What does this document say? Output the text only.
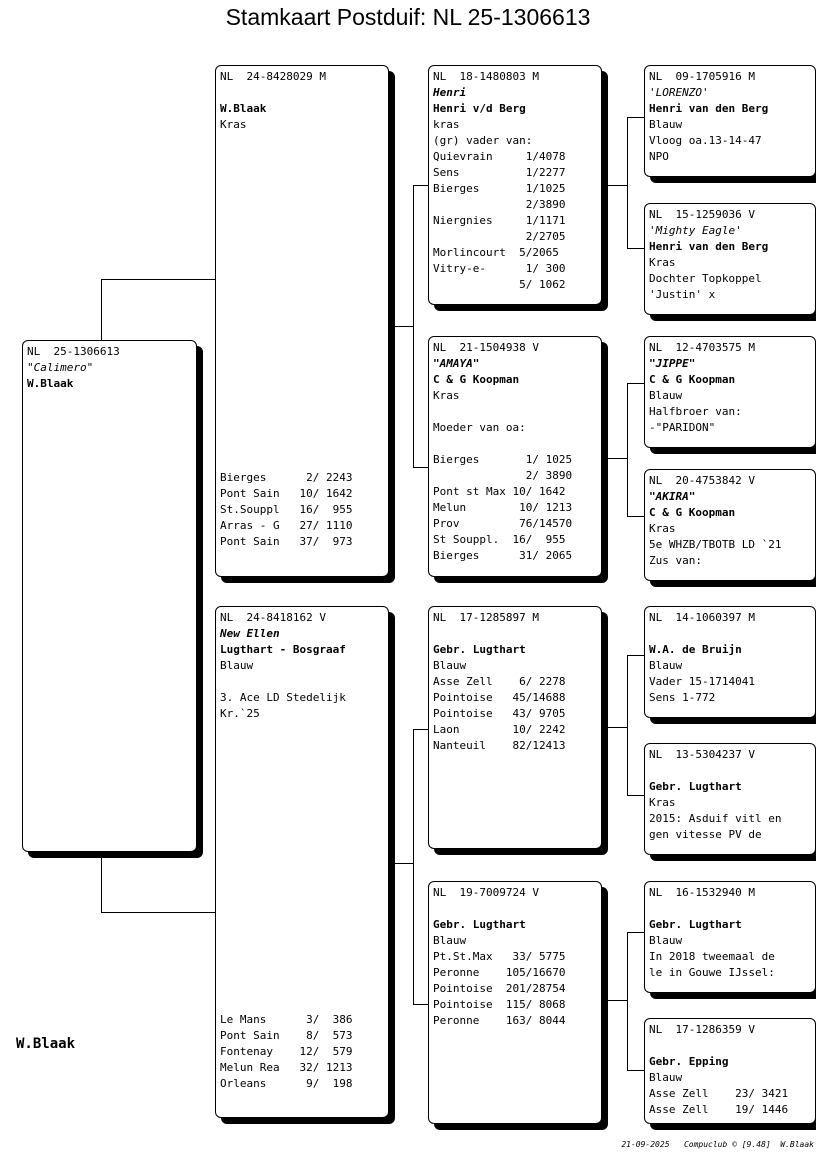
Stamkaart Postduif: NL 25-1306613
NL  25-1306613
"Calimero"
W.Blaak
NL  24-8428029 M
W.Blaak
Kras
Bierges      2/ 2243
Pont Sain   10/ 1642
St.Souppl   16/  955
Arras - G   27/ 1110
Pont Sain   37/  973
NL  24-8418162 V
New Ellen
Lugthart - Bosgraaf
Blauw
3. Ace LD Stedelijk
Kr.`25
Le Mans      3/  386
Pont Sain    8/  573
Fontenay    12/  579
Melun Rea   32/ 1213
Orleans      9/  198
NL  18-1480803 M
Henri
Henri v/d Berg
kras
(gr) vader van:
Quievrain     1/4078
Sens          1/2277
Bierges       1/1025
2/3890
Niergnies     1/1171
2/2705
Morlincourt  5/2065
Vitry-e-      1/ 300
5/ 1062
NL  21-1504938 V
"AMAYA"
C & G Koopman
Kras
Moeder van oa:
Bierges       1/ 1025
2/ 3890
Pont st Max 10/ 1642
Melun        10/ 1213
Prov         76/14570
St Souppl.  16/  955
Bierges      31/ 2065
NL  17-1285897 M
Gebr. Lugthart
Blauw
Asse Zell    6/ 2278
Pointoise   45/14688
Pointoise   43/ 9705
Laon        10/ 2242
Nanteuil    82/12413
NL  19-7009724 V
Gebr. Lugthart
Blauw
Pt.St.Max   33/ 5775
Peronne    105/16670
Pointoise  201/28754
Pointoise  115/ 8068
Peronne    163/ 8044
NL  09-1705916 M
'LORENZO'
Henri van den Berg
Blauw
Vloog oa.13-14-47
NPO
NL  15-1259036 V
'Mighty Eagle'
Henri van den Berg
Kras
Dochter Topkoppel
'Justin' x
NL  12-4703575 M
"JIPPE"
C & G Koopman
Blauw
Halfbroer van:
-"PARIDON"
NL  20-4753842 V
"AKIRA"
C & G Koopman
Kras
5e WHZB/TBOTB LD `21
Zus van:
NL  14-1060397 M
W.A. de Bruijn
Blauw
Vader 15-1714041
Sens 1-772
NL  13-5304237 V
Gebr. Lugthart
Kras
2015: Asduif vitl en
gen vitesse PV de
NL  16-1532940 M
Gebr. Lugthart
Blauw
In 2018 tweemaal de
le in Gouwe IJssel:
NL  17-1286359 V
Gebr. Epping
Blauw
Asse Zell    23/ 3421
Asse Zell    19/ 1446
W.Blaak
21-09-2025   Compuclub © [9.48]  W.Blaak
